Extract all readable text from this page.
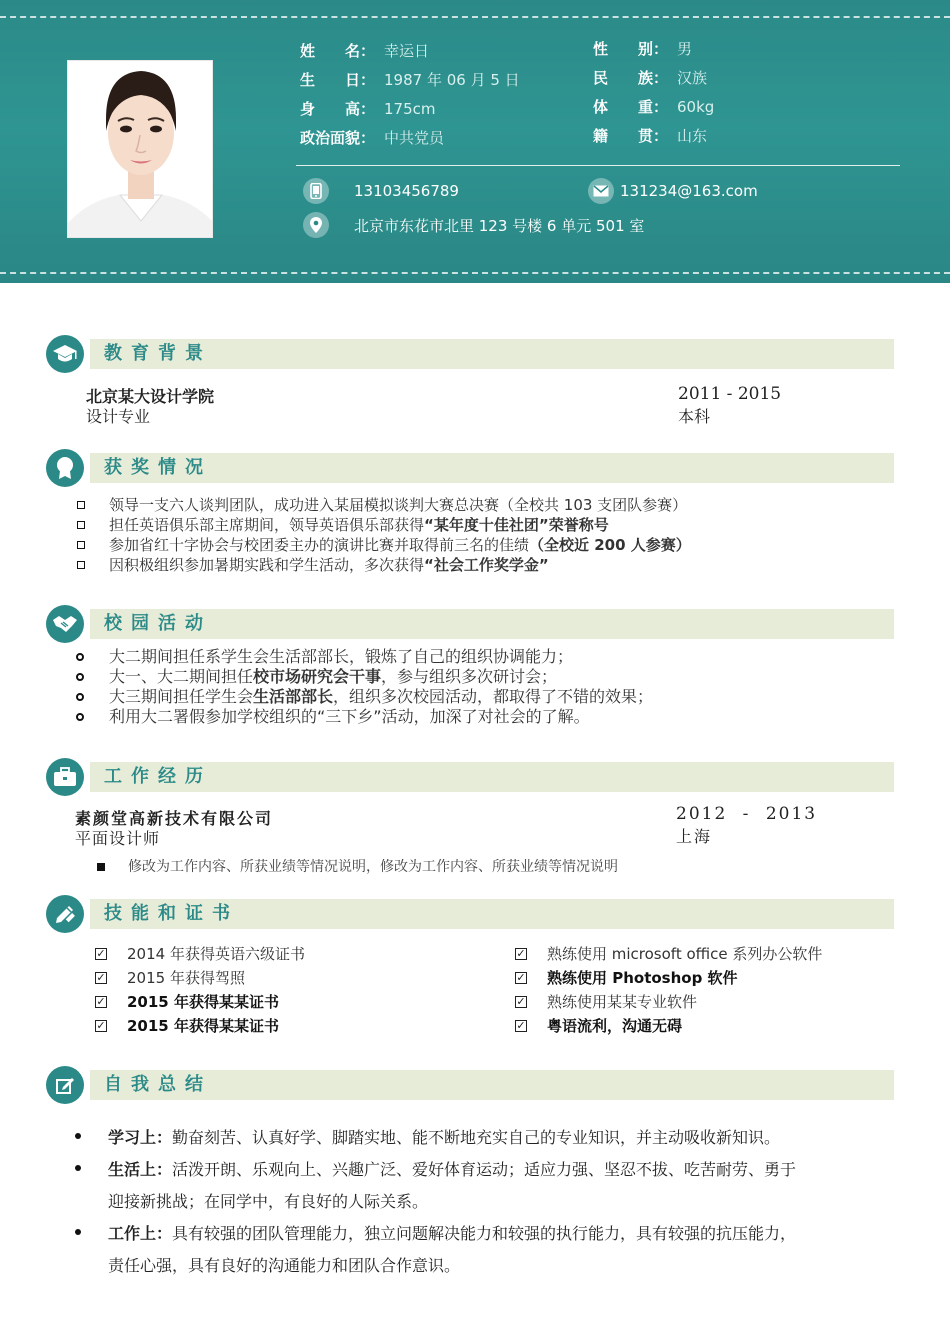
姓　　名： 幸运日
生　　日： 1987 年 06 月 5 日
身　　高： 175cm
政治面貌： 中共党员
性　　别： 男
民　　族： 汉族
体　　重： 60kg
籍　　贯： 山东
13103456789	131234@163.com
北京市东花市北里 123 号楼 6 单元 501 室
教育背景
北京某大设计学院
设计专业
2011 - 2015
本科
获奖情况
领导一支六人谈判团队，成功进入某届模拟谈判大赛总决赛（全校共 103 支团队参赛）
担任英语俱乐部主席期间，领导英语俱乐部获得“某年度十佳社团”荣誉称号
参加省红十字协会与校团委主办的演讲比赛并取得前三名的佳绩（全校近 200 人参赛）
因积极组织参加暑期实践和学生活动，多次获得“社会工作奖学金”
校园活动
大二期间担任系学生会生活部部长，锻炼了自己的组织协调能力；
大一、大二期间担任校市场研究会干事，参与组织多次研讨会；
大三期间担任学生会生活部部长，组织多次校园活动，都取得了不错的效果；
利用大二署假参加学校组织的“三下乡”活动，加深了对社会的了解。
工作经历
素颜堂高新技术有限公司
平面设计师
2012 - 2013
上海
修改为工作内容、所获业绩等情况说明，修改为工作内容、所获业绩等情况说明
技能和证书
✓ 2014 年获得英语六级证书
✓ 2015 年获得驾照
✓ 2015 年获得某某证书
✓ 2015 年获得某某证书
✓ 熟练使用 microsoft office 系列办公软件
✓ 熟练使用 Photoshop 软件
✓ 熟练使用某某专业软件
✓ 粤语流利，沟通无碍
自我总结
学习上：勤奋刻苦、认真好学、脚踏实地、能不断地充实自己的专业知识，并主动吸收新知识。
生活上：活泼开朗、乐观向上、兴趣广泛、爱好体育运动；适应力强、坚忍不拔、吃苦耐劳、勇于
迎接新挑战；在同学中，有良好的人际关系。
工作上：具有较强的团队管理能力，独立问题解决能力和较强的执行能力，具有较强的抗压能力，
责任心强，具有良好的沟通能力和团队合作意识。
